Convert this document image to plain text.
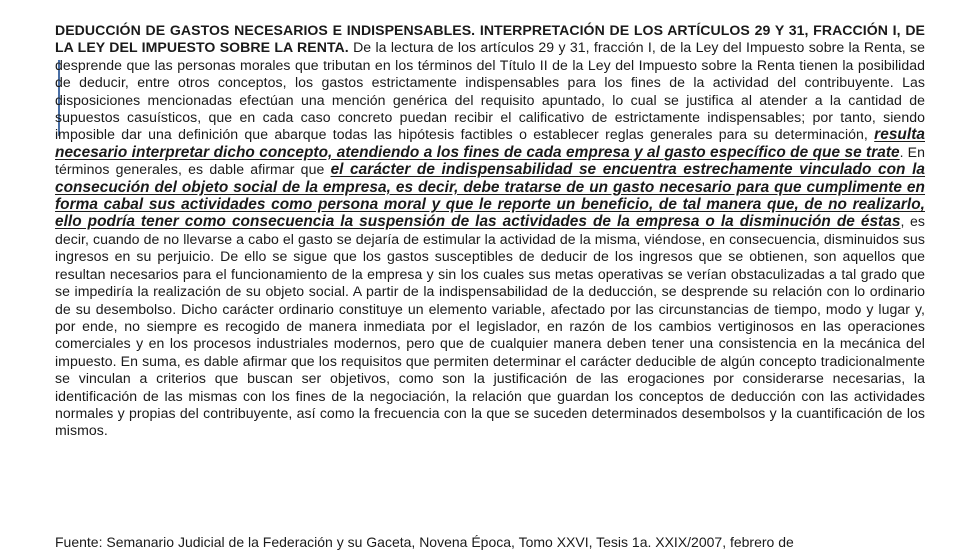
DEDUCCIÓN DE GASTOS NECESARIOS E INDISPENSABLES. INTERPRETACIÓN DE LOS ARTÍCULOS 29 Y 31, FRACCIÓN I, DE LA LEY DEL IMPUESTO SOBRE LA RENTA. De la lectura de los artículos 29 y 31, fracción I, de la Ley del Impuesto sobre la Renta, se desprende que las personas morales que tributan en los términos del Título II de la Ley del Impuesto sobre la Renta tienen la posibilidad de deducir, entre otros conceptos, los gastos estrictamente indispensables para los fines de la actividad del contribuyente. Las disposiciones mencionadas efectúan una mención genérica del requisito apuntado, lo cual se justifica al atender a la cantidad de supuestos casuísticos, que en cada caso concreto puedan recibir el calificativo de estrictamente indispensables; por tanto, siendo imposible dar una definición que abarque todas las hipótesis factibles o establecer reglas generales para su determinación, resulta necesario interpretar dicho concepto, atendiendo a los fines de cada empresa y al gasto específico de que se trate. En términos generales, es dable afirmar que el carácter de indispensabilidad se encuentra estrechamente vinculado con la consecución del objeto social de la empresa, es decir, debe tratarse de un gasto necesario para que cumplimente en forma cabal sus actividades como persona moral y que le reporte un beneficio, de tal manera que, de no realizarlo, ello podría tener como consecuencia la suspensión de las actividades de la empresa o la disminución de éstas, es decir, cuando de no llevarse a cabo el gasto se dejaría de estimular la actividad de la misma, viéndose, en consecuencia, disminuidos sus ingresos en su perjuicio. De ello se sigue que los gastos susceptibles de deducir de los ingresos que se obtienen, son aquellos que resultan necesarios para el funcionamiento de la empresa y sin los cuales sus metas operativas se verían obstaculizadas a tal grado que se impediría la realización de su objeto social. A partir de la indispensabilidad de la deducción, se desprende su relación con lo ordinario de su desembolso. Dicho carácter ordinario constituye un elemento variable, afectado por las circunstancias de tiempo, modo y lugar y, por ende, no siempre es recogido de manera inmediata por el legislador, en razón de los cambios vertiginosos en las operaciones comerciales y en los procesos industriales modernos, pero que de cualquier manera deben tener una consistencia en la mecánica del impuesto. En suma, es dable afirmar que los requisitos que permiten determinar el carácter deducible de algún concepto tradicionalmente se vinculan a criterios que buscan ser objetivos, como son la justificación de las erogaciones por considerarse necesarias, la identificación de las mismas con los fines de la negociación, la relación que guardan los conceptos de deducción con las actividades normales y propias del contribuyente, así como la frecuencia con la que se suceden determinados desembolsos y la cuantificación de los mismos.

Fuente: Semanario Judicial de la Federación y su Gaceta, Novena Época, Tomo XXVI, Tesis 1a. XXIX/2007, febrero de
